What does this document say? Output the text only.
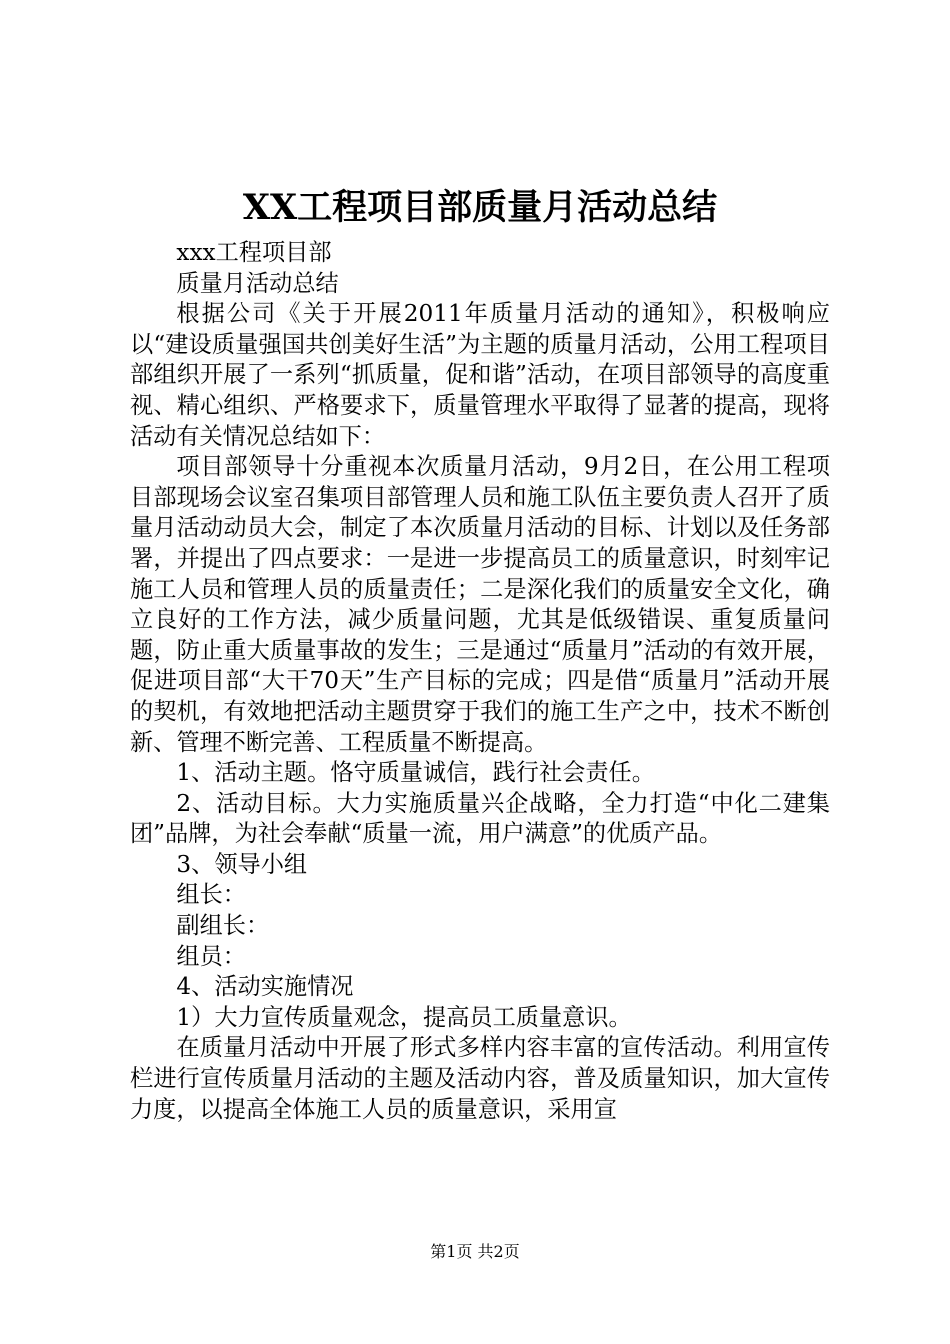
XX工程项目部质量月活动总结

xxx工程项目部

质量月活动总结

根据公司《关于开展2011年质量月活动的通知》，积极响应以“建设质量强国共创美好生活”为主题的质量月活动，公用工程项目部组织开展了一系列“抓质量，促和谐”活动，在项目部领导的高度重视、精心组织、严格要求下，质量管理水平取得了显著的提高，现将活动有关情况总结如下：

项目部领导十分重视本次质量月活动，9月2日，在公用工程项目部现场会议室召集项目部管理人员和施工队伍主要负责人召开了质量月活动动员大会，制定了本次质量月活动的目标、计划以及任务部署，并提出了四点要求：一是进一步提高员工的质量意识，时刻牢记施工人员和管理人员的质量责任；二是深化我们的质量安全文化，确立良好的工作方法，减少质量问题，尤其是低级错误、重复质量问题，防止重大质量事故的发生；三是通过“质量月”活动的有效开展，促进项目部“大干70天”生产目标的完成；四是借“质量月”活动开展的契机，有效地把活动主题贯穿于我们的施工生产之中，技术不断创新、管理不断完善、工程质量不断提高。

1、活动主题。恪守质量诚信，践行社会责任。

2、活动目标。大力实施质量兴企战略，全力打造“中化二建集团”品牌，为社会奉献“质量一流，用户满意”的优质产品。

3、领导小组

组长：

副组长：

组员：

4、活动实施情况

1）大力宣传质量观念，提高员工质量意识。

在质量月活动中开展了形式多样内容丰富的宣传活动。利用宣传栏进行宣传质量月活动的主题及活动内容，普及质量知识，加大宣传力度，以提高全体施工人员的质量意识，采用宣

第1页 共2页
